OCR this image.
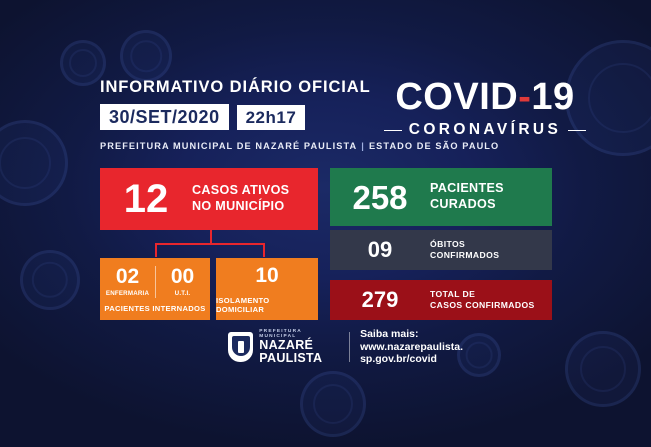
INFORMATIVO DIÁRIO OFICIAL
30/SET/2020	22h17
PREFEITURA MUNICIPAL DE NAZARÉ PAULISTA | ESTADO DE SÃO PAULO
COVID-19
CORONAVÍRUS
12	CASOS ATIVOS
NO MUNICÍPIO
02
ENFERMARIA
00
U.T.I.
PACIENTES INTERNADOS
10
ISOLAMENTO DOMICILIAR
258	PACIENTES
CURADOS
09	ÓBITOS
CONFIRMADOS
279	TOTAL DE
CASOS CONFIRMADOS
PREFEITURA MUNICIPAL
NAZARÉ
PAULISTA
Saiba mais:
www.nazarepaulista.
sp.gov.br/covid
